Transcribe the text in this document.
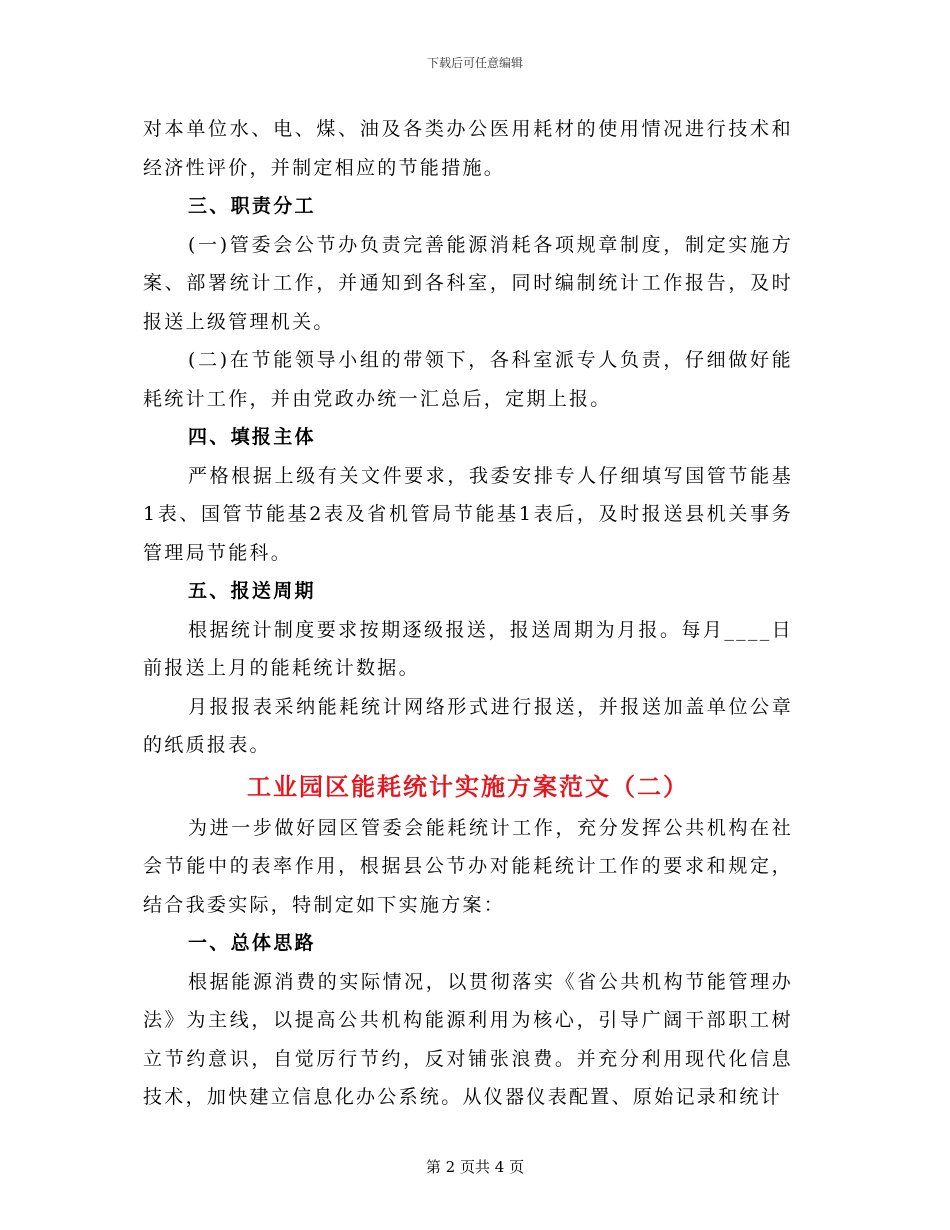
下载后可任意编辑

对本单位水、电、煤、油及各类办公医用耗材的使用情况进行技术和经济性评价，并制定相应的节能措施。

三、职责分工

(一)管委会公节办负责完善能源消耗各项规章制度，制定实施方案、部署统计工作，并通知到各科室，同时编制统计工作报告，及时报送上级管理机关。

(二)在节能领导小组的带领下，各科室派专人负责，仔细做好能耗统计工作，并由党政办统一汇总后，定期上报。

四、填报主体

严格根据上级有关文件要求，我委安排专人仔细填写国管节能基1表、国管节能基2表及省机管局节能基1表后，及时报送县机关事务管理局节能科。

五、报送周期

根据统计制度要求按期逐级报送，报送周期为月报。每月____日前报送上月的能耗统计数据。

月报报表采纳能耗统计网络形式进行报送，并报送加盖单位公章的纸质报表。

工业园区能耗统计实施方案范文（二）

为进一步做好园区管委会能耗统计工作，充分发挥公共机构在社会节能中的表率作用，根据县公节办对能耗统计工作的要求和规定，结合我委实际，特制定如下实施方案：

一、总体思路

根据能源消费的实际情况，以贯彻落实《省公共机构节能管理办法》为主线，以提高公共机构能源利用为核心，引导广阔干部职工树立节约意识，自觉厉行节约，反对铺张浪费。并充分利用现代化信息技术，加快建立信息化办公系统。从仪器仪表配置、原始记录和统计

第 2 页共 4 页
